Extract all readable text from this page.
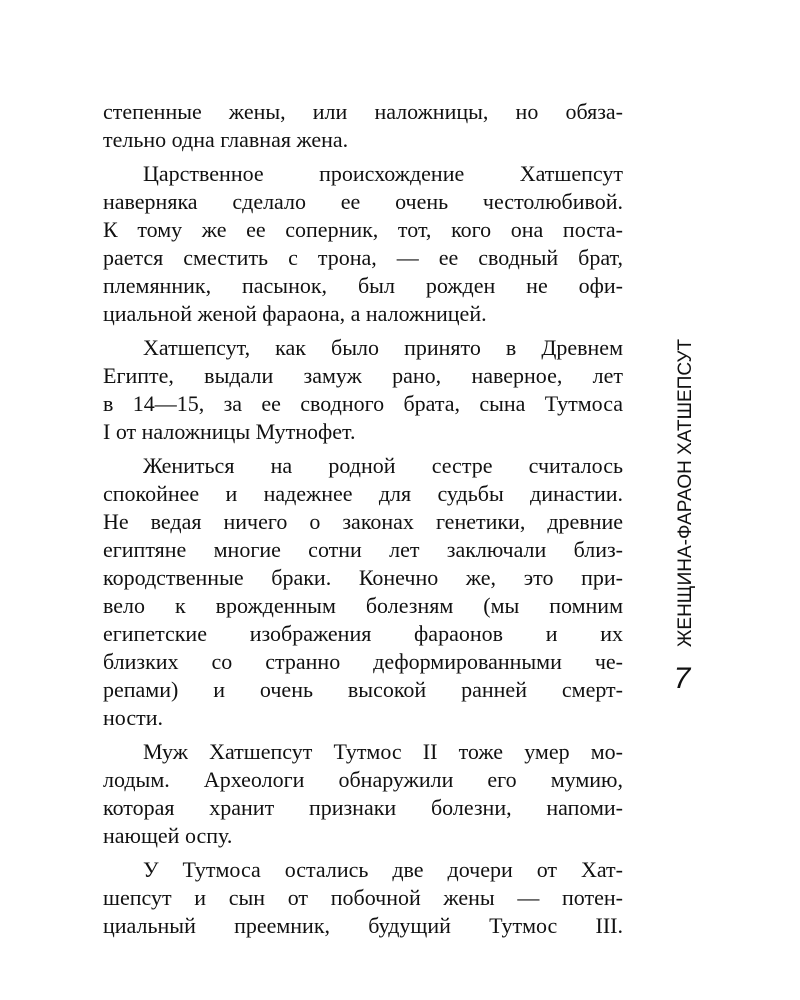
степенные жены, или наложницы, но обяза-
тельно одна главная жена.
Царственное происхождение Хатшепсут
наверняка сделало ее очень честолюбивой.
К тому же ее соперник, тот, кого она поста-
рается сместить с трона, — ее сводный брат,
племянник, пасынок, был рожден не офи-
циальной женой фараона, а наложницей.
Хатшепсут, как было принято в Древнем
Египте, выдали замуж рано, наверное, лет
в 14—15, за ее сводного брата, сына Тутмоса
I от наложницы Мутнофет.
Жениться на родной сестре считалось
спокойнее и надежнее для судьбы династии.
Не ведая ничего о законах генетики, древние
египтяне многие сотни лет заключали близ-
кородственные браки. Конечно же, это при-
вело к врожденным болезням (мы помним
египетские изображения фараонов и их
близких со странно деформированными че-
репами) и очень высокой ранней смерт-
ности.
Муж Хатшепсут Тутмос II тоже умер мо-
лодым. Археологи обнаружили его мумию,
которая хранит признаки болезни, напоми-
нающей оспу.
У Тутмоса остались две дочери от Хат-
шепсут и сын от побочной жены — потен-
циальный преемник, будущий Тутмос III.
ЖЕНЩИНА-ФАРАОН ХАТШЕПСУТ
7
